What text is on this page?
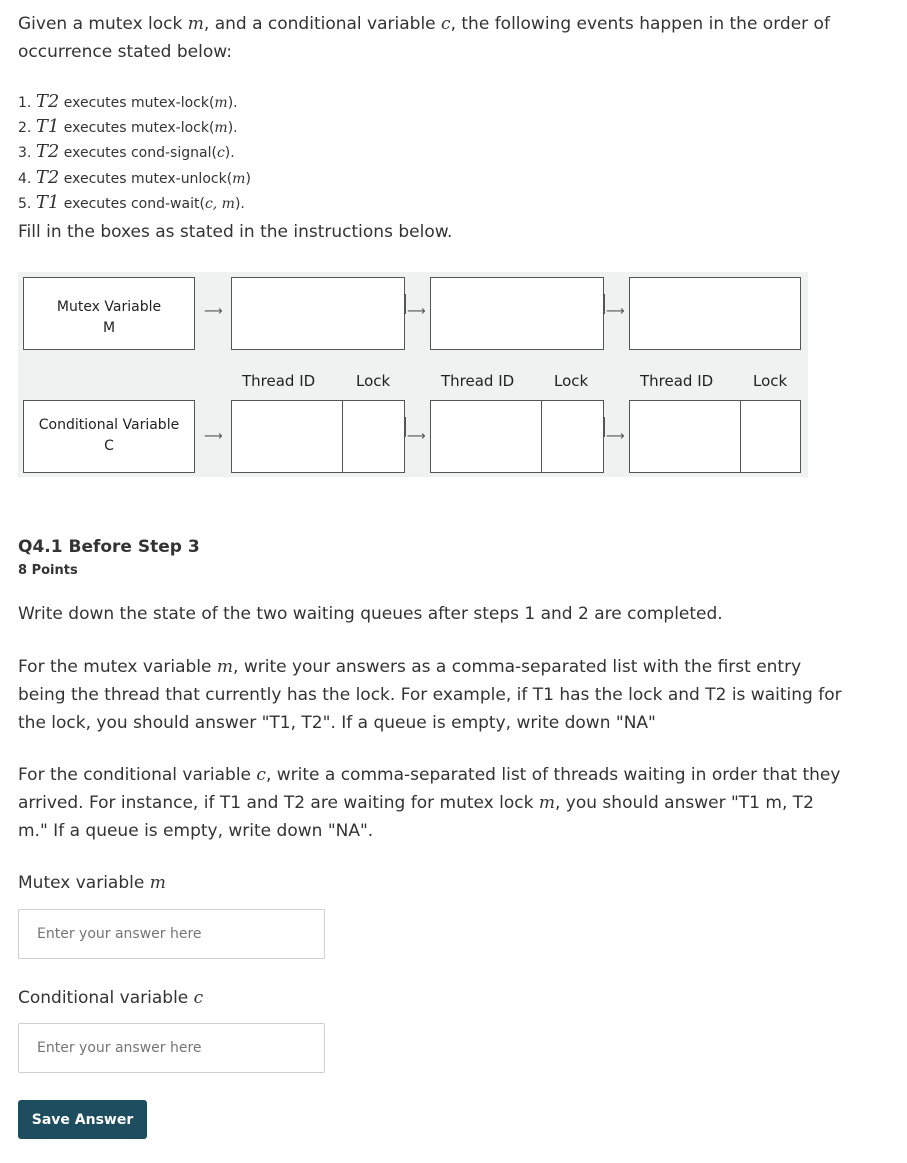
Given a mutex lock m, and a conditional variable c, the following events happen in the order of occurrence stated below:
1. T2 executes mutex-lock(m).
2. T1 executes mutex-lock(m).
3. T2 executes cond-signal(c).
4. T2 executes mutex-unlock(m)
5. T1 executes cond-wait(c, m).
Fill in the boxes as stated in the instructions below.
Mutex Variable
M
⟶	⟶	⟶
Thread ID	Lock	Thread ID	Lock	Thread ID	Lock
Conditional Variable
C
⟶	⟶	⟶
Q4.1 Before Step 3
8 Points
Write down the state of the two waiting queues after steps 1 and 2 are completed.
For the mutex variable m, write your answers as a comma-separated list with the first entry being the thread that currently has the lock. For example, if T1 has the lock and T2 is waiting for the lock, you should answer "T1, T2". If a queue is empty, write down "NA"
For the conditional variable c, write a comma-separated list of threads waiting in order that they arrived. For instance, if T1 and T2 are waiting for mutex lock m, you should answer "T1 m, T2 m." If a queue is empty, write down "NA".
Mutex variable m
Enter your answer here
Conditional variable c
Enter your answer here
Save Answer
